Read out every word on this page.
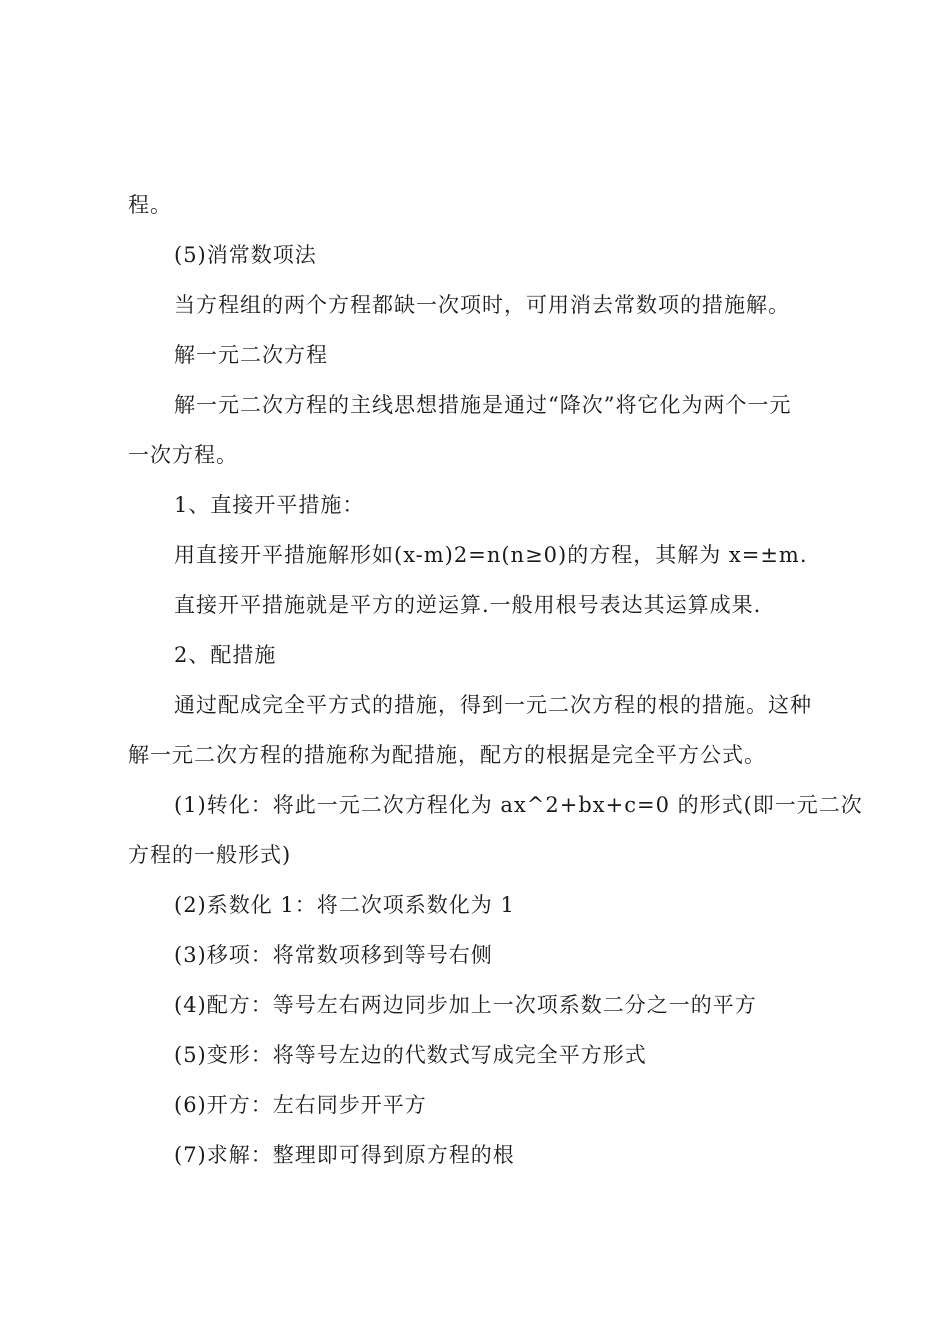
程。
(5)消常数项法
当方程组的两个方程都缺一次项时，可用消去常数项的措施解。
解一元二次方程
解一元二次方程的主线思想措施是通过“降次”将它化为两个一元
一次方程。
1、直接开平措施：
用直接开平措施解形如(x-m)2=n(n≥0)的方程，其解为 x=±m.
直接开平措施就是平方的逆运算.一般用根号表达其运算成果.
2、配措施
通过配成完全平方式的措施，得到一元二次方程的根的措施。这种
解一元二次方程的措施称为配措施，配方的根据是完全平方公式。
(1)转化：将此一元二次方程化为 ax^2+bx+c=0 的形式(即一元二次
方程的一般形式)
(2)系数化 1：将二次项系数化为 1
(3)移项：将常数项移到等号右侧
(4)配方：等号左右两边同步加上一次项系数二分之一的平方
(5)变形：将等号左边的代数式写成完全平方形式
(6)开方：左右同步开平方
(7)求解：整理即可得到原方程的根
